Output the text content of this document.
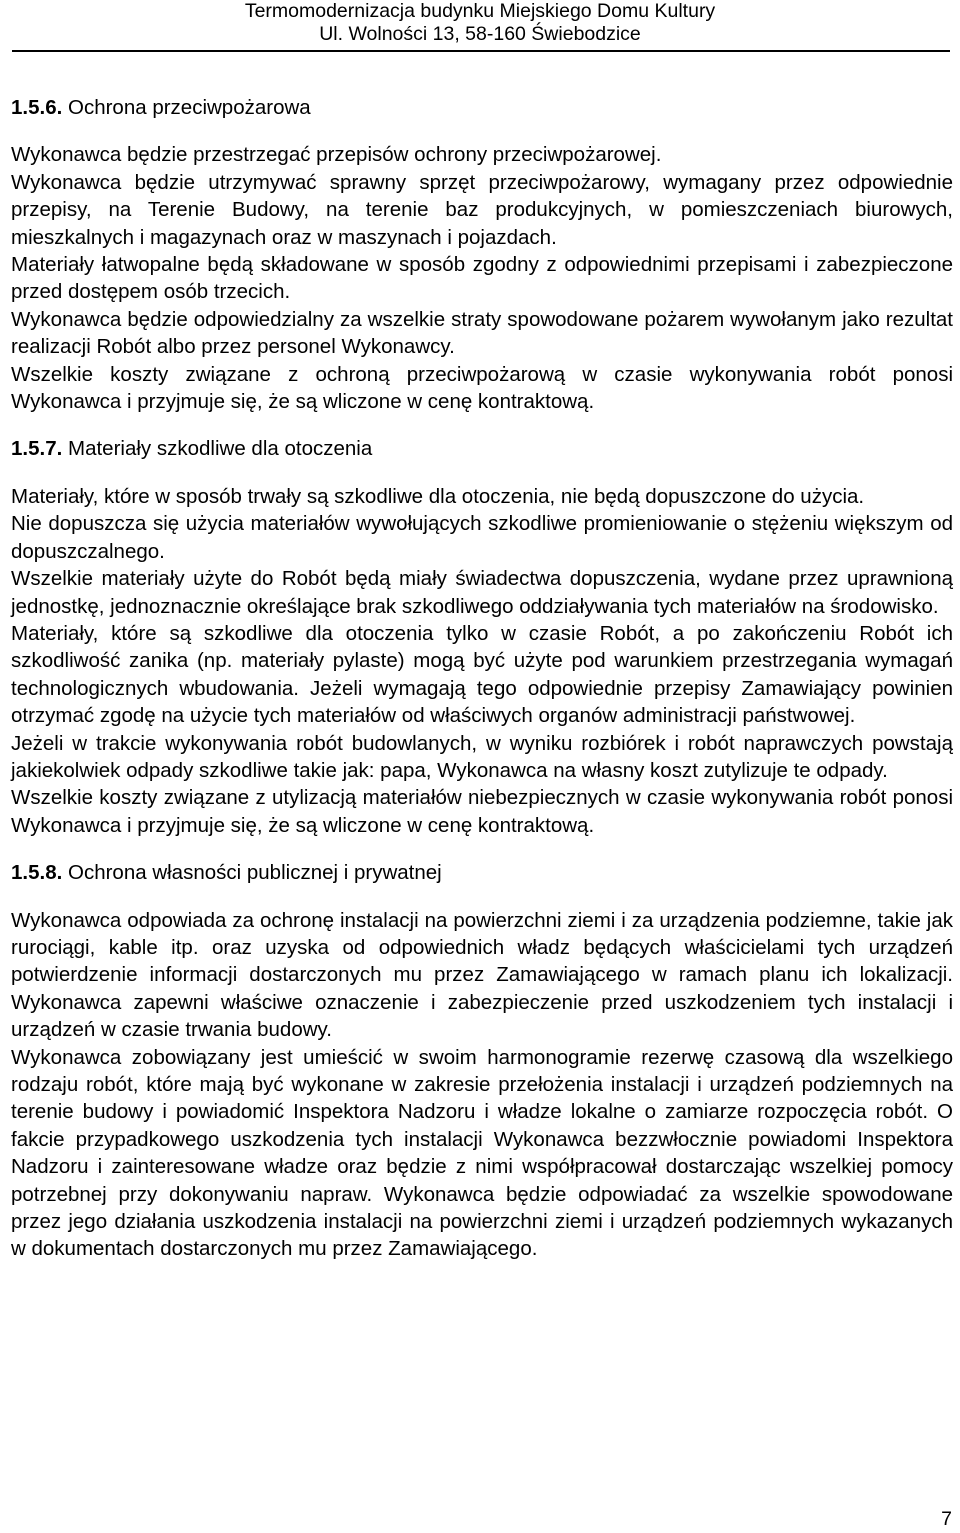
Termomodernizacja budynku Miejskiego Domu Kultury
Ul. Wolności 13, 58-160 Świebodzice

1.5.6. Ochrona przeciwpożarowa

Wykonawca będzie przestrzegać przepisów ochrony przeciwpożarowej.

Wykonawca będzie utrzymywać sprawny sprzęt przeciwpożarowy, wymagany przez odpowiednie przepisy, na Terenie Budowy, na terenie baz produkcyjnych, w pomieszczeniach biurowych, mieszkalnych i magazynach oraz w maszynach i pojazdach.

Materiały łatwopalne będą składowane w sposób zgodny z odpowiednimi przepisami i zabezpieczone przed dostępem osób trzecich.

Wykonawca będzie odpowiedzialny za wszelkie straty spowodowane pożarem wywołanym jako rezultat realizacji Robót albo przez personel Wykonawcy.

Wszelkie koszty związane z ochroną przeciwpożarową w czasie wykonywania robót ponosi Wykonawca i przyjmuje się, że są wliczone w cenę kontraktową.

1.5.7. Materiały szkodliwe dla otoczenia

Materiały, które w sposób trwały są szkodliwe dla otoczenia, nie będą dopuszczone do użycia.

Nie dopuszcza się użycia materiałów wywołujących szkodliwe promieniowanie o stężeniu większym od dopuszczalnego.

Wszelkie materiały użyte do Robót będą miały świadectwa dopuszczenia, wydane przez uprawnioną jednostkę, jednoznacznie określające brak szkodliwego oddziaływania tych materiałów na środowisko.

Materiały, które są szkodliwe dla otoczenia tylko w czasie Robót, a po zakończeniu Robót ich szkodliwość zanika (np. materiały pylaste) mogą być użyte pod warunkiem przestrzegania wymagań technologicznych wbudowania. Jeżeli wymagają tego odpowiednie przepisy Zamawiający powinien otrzymać zgodę na użycie tych materiałów od właściwych organów administracji państwowej.

Jeżeli w trakcie wykonywania robót budowlanych, w wyniku rozbiórek i robót naprawczych powstają jakiekolwiek odpady szkodliwe takie jak: papa, Wykonawca na własny koszt zutylizuje te odpady.

Wszelkie koszty związane z utylizacją materiałów niebezpiecznych w czasie wykonywania robót ponosi Wykonawca i przyjmuje się, że są wliczone w cenę kontraktową.

1.5.8. Ochrona własności publicznej i prywatnej

Wykonawca odpowiada za ochronę instalacji na powierzchni ziemi i za urządzenia podziemne, takie jak rurociągi, kable itp. oraz uzyska od odpowiednich władz będących właścicielami tych urządzeń potwierdzenie informacji dostarczonych mu przez Zamawiającego w ramach planu ich lokalizacji. Wykonawca zapewni właściwe oznaczenie i zabezpieczenie przed uszkodzeniem tych instalacji i urządzeń w czasie trwania budowy.

Wykonawca zobowiązany jest umieścić w swoim harmonogramie rezerwę czasową dla wszelkiego rodzaju robót, które mają być wykonane w zakresie przełożenia instalacji i urządzeń podziemnych na terenie budowy i powiadomić Inspektora Nadzoru i władze lokalne o zamiarze rozpoczęcia robót. O fakcie przypadkowego uszkodzenia tych instalacji Wykonawca bezzwłocznie powiadomi Inspektora Nadzoru i zainteresowane władze oraz będzie z nimi współpracował dostarczając wszelkiej pomocy potrzebnej przy dokonywaniu napraw. Wykonawca będzie odpowiadać za wszelkie spowodowane przez jego działania uszkodzenia instalacji na powierzchni ziemi i urządzeń podziemnych wykazanych w dokumentach dostarczonych mu przez Zamawiającego.

7
